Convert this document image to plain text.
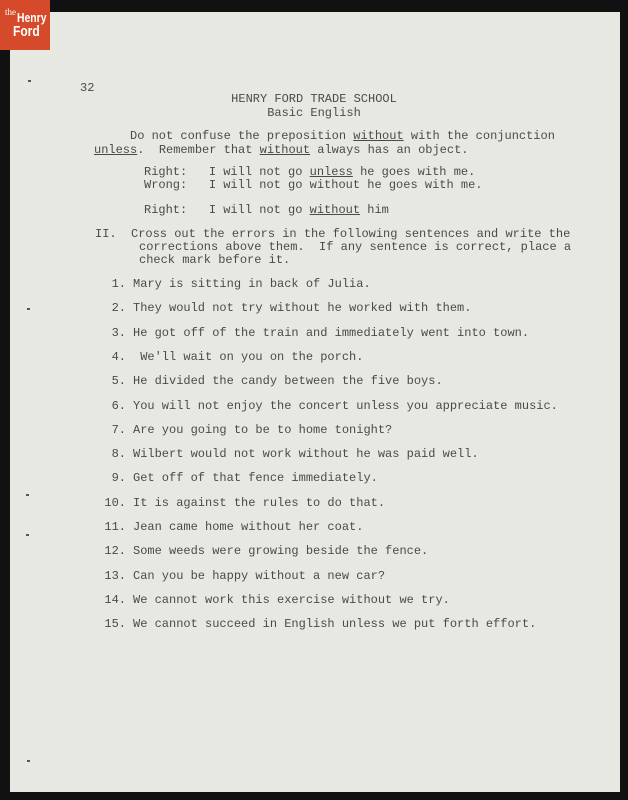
the Henry
Ford
32
HENRY FORD TRADE SCHOOL
Basic English
Do not confuse the preposition without with the conjunction
unless.  Remember that without always has an object.
Right: I will not go unless he goes with me.
Wrong: I will not go without he goes with me.
Right: I will not go without him
II. Cross out the errors in the following sentences and write the
corrections above them.  If any sentence is correct, place a
check mark before it.
1. Mary is sitting in back of Julia.
2. They would not try without he worked with them.
3. He got off of the train and immediately went into town.
4. We'll wait on you on the porch.
5. He divided the candy between the five boys.
6. You will not enjoy the concert unless you appreciate music.
7. Are you going to be to home tonight?
8. Wilbert would not work without he was paid well.
9. Get off of that fence immediately.
10. It is against the rules to do that.
11. Jean came home without her coat.
12. Some weeds were growing beside the fence.
13. Can you be happy without a new car?
14. We cannot work this exercise without we try.
15. We cannot succeed in English unless we put forth effort.
